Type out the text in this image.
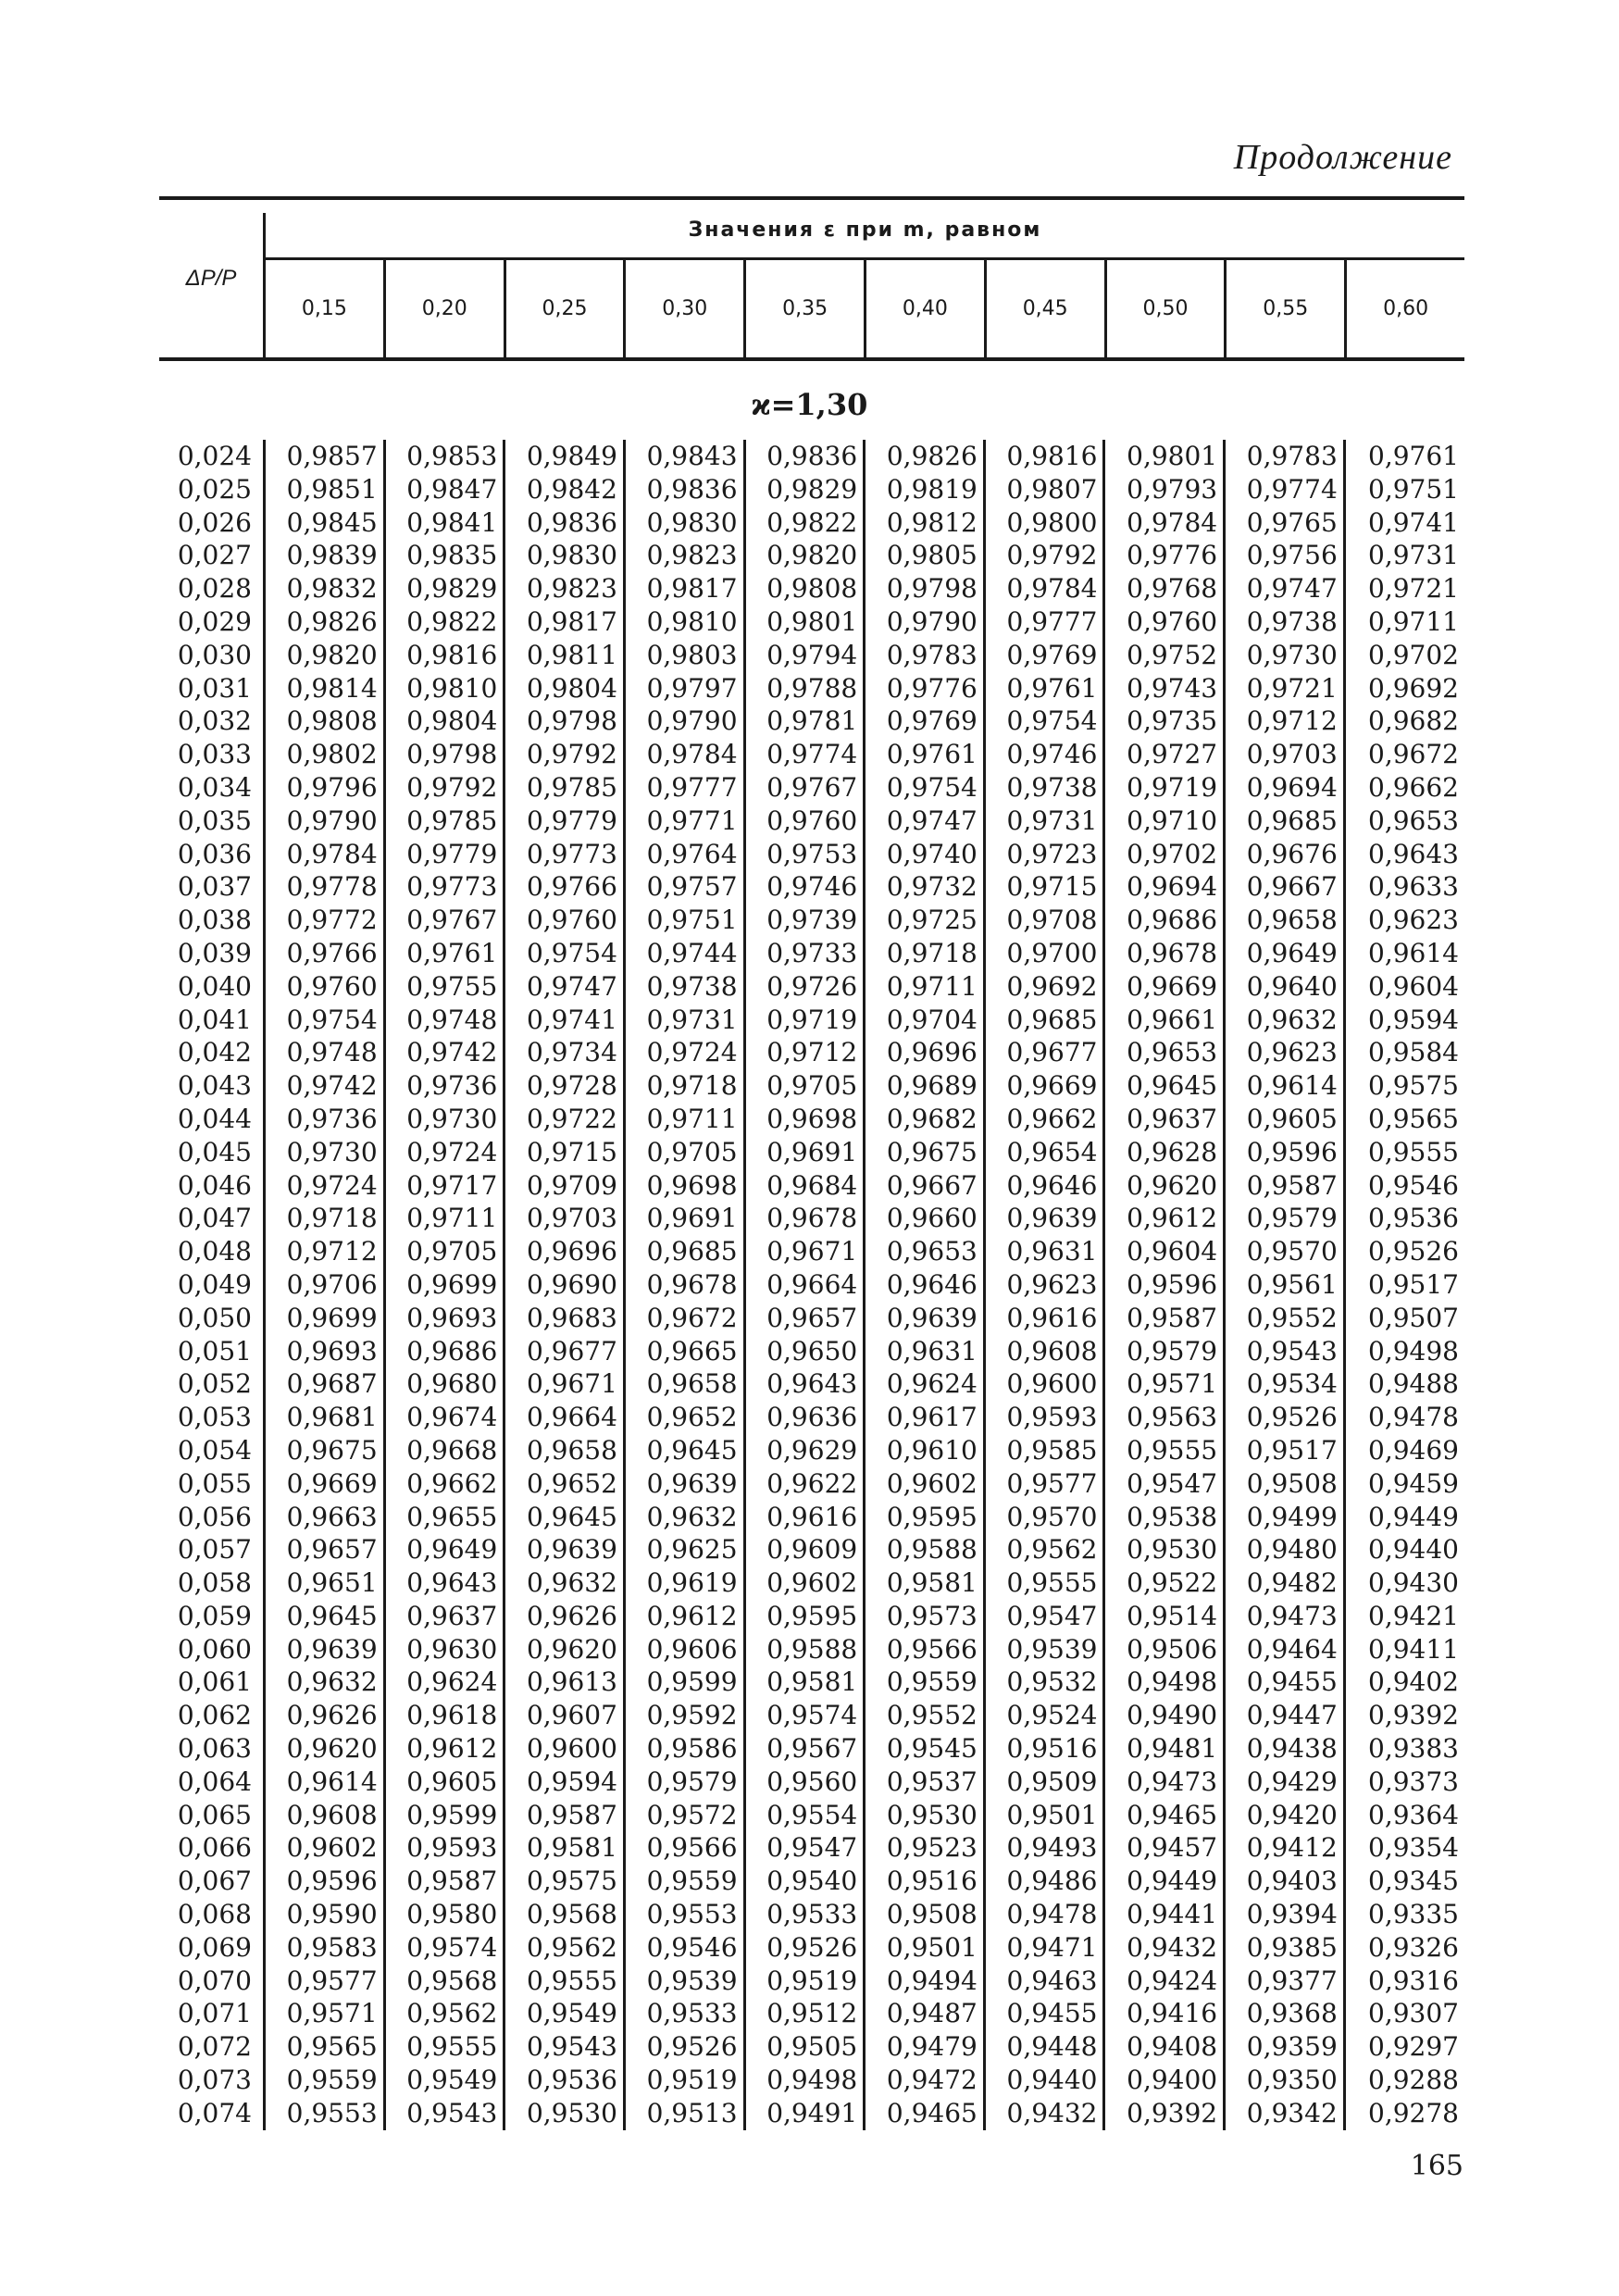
Продолжение
ΔP/P
Значения ε при m, равном
0,15	0,20	0,25	0,30	0,35	0,40	0,45	0,50	0,55	0,60
ϰ=1,30
0,024	0,9857	0,9853	0,9849	0,9843	0,9836	0,9826	0,9816	0,9801	0,9783	0,9761
0,025	0,9851	0,9847	0,9842	0,9836	0,9829	0,9819	0,9807	0,9793	0,9774	0,9751
0,026	0,9845	0,9841	0,9836	0,9830	0,9822	0,9812	0,9800	0,9784	0,9765	0,9741
0,027	0,9839	0,9835	0,9830	0,9823	0,9820	0,9805	0,9792	0,9776	0,9756	0,9731
0,028	0,9832	0,9829	0,9823	0,9817	0,9808	0,9798	0,9784	0,9768	0,9747	0,9721
0,029	0,9826	0,9822	0,9817	0,9810	0,9801	0,9790	0,9777	0,9760	0,9738	0,9711
0,030	0,9820	0,9816	0,9811	0,9803	0,9794	0,9783	0,9769	0,9752	0,9730	0,9702
0,031	0,9814	0,9810	0,9804	0,9797	0,9788	0,9776	0,9761	0,9743	0,9721	0,9692
0,032	0,9808	0,9804	0,9798	0,9790	0,9781	0,9769	0,9754	0,9735	0,9712	0,9682
0,033	0,9802	0,9798	0,9792	0,9784	0,9774	0,9761	0,9746	0,9727	0,9703	0,9672
0,034	0,9796	0,9792	0,9785	0,9777	0,9767	0,9754	0,9738	0,9719	0,9694	0,9662
0,035	0,9790	0,9785	0,9779	0,9771	0,9760	0,9747	0,9731	0,9710	0,9685	0,9653
0,036	0,9784	0,9779	0,9773	0,9764	0,9753	0,9740	0,9723	0,9702	0,9676	0,9643
0,037	0,9778	0,9773	0,9766	0,9757	0,9746	0,9732	0,9715	0,9694	0,9667	0,9633
0,038	0,9772	0,9767	0,9760	0,9751	0,9739	0,9725	0,9708	0,9686	0,9658	0,9623
0,039	0,9766	0,9761	0,9754	0,9744	0,9733	0,9718	0,9700	0,9678	0,9649	0,9614
0,040	0,9760	0,9755	0,9747	0,9738	0,9726	0,9711	0,9692	0,9669	0,9640	0,9604
0,041	0,9754	0,9748	0,9741	0,9731	0,9719	0,9704	0,9685	0,9661	0,9632	0,9594
0,042	0,9748	0,9742	0,9734	0,9724	0,9712	0,9696	0,9677	0,9653	0,9623	0,9584
0,043	0,9742	0,9736	0,9728	0,9718	0,9705	0,9689	0,9669	0,9645	0,9614	0,9575
0,044	0,9736	0,9730	0,9722	0,9711	0,9698	0,9682	0,9662	0,9637	0,9605	0,9565
0,045	0,9730	0,9724	0,9715	0,9705	0,9691	0,9675	0,9654	0,9628	0,9596	0,9555
0,046	0,9724	0,9717	0,9709	0,9698	0,9684	0,9667	0,9646	0,9620	0,9587	0,9546
0,047	0,9718	0,9711	0,9703	0,9691	0,9678	0,9660	0,9639	0,9612	0,9579	0,9536
0,048	0,9712	0,9705	0,9696	0,9685	0,9671	0,9653	0,9631	0,9604	0,9570	0,9526
0,049	0,9706	0,9699	0,9690	0,9678	0,9664	0,9646	0,9623	0,9596	0,9561	0,9517
0,050	0,9699	0,9693	0,9683	0,9672	0,9657	0,9639	0,9616	0,9587	0,9552	0,9507
0,051	0,9693	0,9686	0,9677	0,9665	0,9650	0,9631	0,9608	0,9579	0,9543	0,9498
0,052	0,9687	0,9680	0,9671	0,9658	0,9643	0,9624	0,9600	0,9571	0,9534	0,9488
0,053	0,9681	0,9674	0,9664	0,9652	0,9636	0,9617	0,9593	0,9563	0,9526	0,9478
0,054	0,9675	0,9668	0,9658	0,9645	0,9629	0,9610	0,9585	0,9555	0,9517	0,9469
0,055	0,9669	0,9662	0,9652	0,9639	0,9622	0,9602	0,9577	0,9547	0,9508	0,9459
0,056	0,9663	0,9655	0,9645	0,9632	0,9616	0,9595	0,9570	0,9538	0,9499	0,9449
0,057	0,9657	0,9649	0,9639	0,9625	0,9609	0,9588	0,9562	0,9530	0,9480	0,9440
0,058	0,9651	0,9643	0,9632	0,9619	0,9602	0,9581	0,9555	0,9522	0,9482	0,9430
0,059	0,9645	0,9637	0,9626	0,9612	0,9595	0,9573	0,9547	0,9514	0,9473	0,9421
0,060	0,9639	0,9630	0,9620	0,9606	0,9588	0,9566	0,9539	0,9506	0,9464	0,9411
0,061	0,9632	0,9624	0,9613	0,9599	0,9581	0,9559	0,9532	0,9498	0,9455	0,9402
0,062	0,9626	0,9618	0,9607	0,9592	0,9574	0,9552	0,9524	0,9490	0,9447	0,9392
0,063	0,9620	0,9612	0,9600	0,9586	0,9567	0,9545	0,9516	0,9481	0,9438	0,9383
0,064	0,9614	0,9605	0,9594	0,9579	0,9560	0,9537	0,9509	0,9473	0,9429	0,9373
0,065	0,9608	0,9599	0,9587	0,9572	0,9554	0,9530	0,9501	0,9465	0,9420	0,9364
0,066	0,9602	0,9593	0,9581	0,9566	0,9547	0,9523	0,9493	0,9457	0,9412	0,9354
0,067	0,9596	0,9587	0,9575	0,9559	0,9540	0,9516	0,9486	0,9449	0,9403	0,9345
0,068	0,9590	0,9580	0,9568	0,9553	0,9533	0,9508	0,9478	0,9441	0,9394	0,9335
0,069	0,9583	0,9574	0,9562	0,9546	0,9526	0,9501	0,9471	0,9432	0,9385	0,9326
0,070	0,9577	0,9568	0,9555	0,9539	0,9519	0,9494	0,9463	0,9424	0,9377	0,9316
0,071	0,9571	0,9562	0,9549	0,9533	0,9512	0,9487	0,9455	0,9416	0,9368	0,9307
0,072	0,9565	0,9555	0,9543	0,9526	0,9505	0,9479	0,9448	0,9408	0,9359	0,9297
0,073	0,9559	0,9549	0,9536	0,9519	0,9498	0,9472	0,9440	0,9400	0,9350	0,9288
0,074	0,9553	0,9543	0,9530	0,9513	0,9491	0,9465	0,9432	0,9392	0,9342	0,9278
165
